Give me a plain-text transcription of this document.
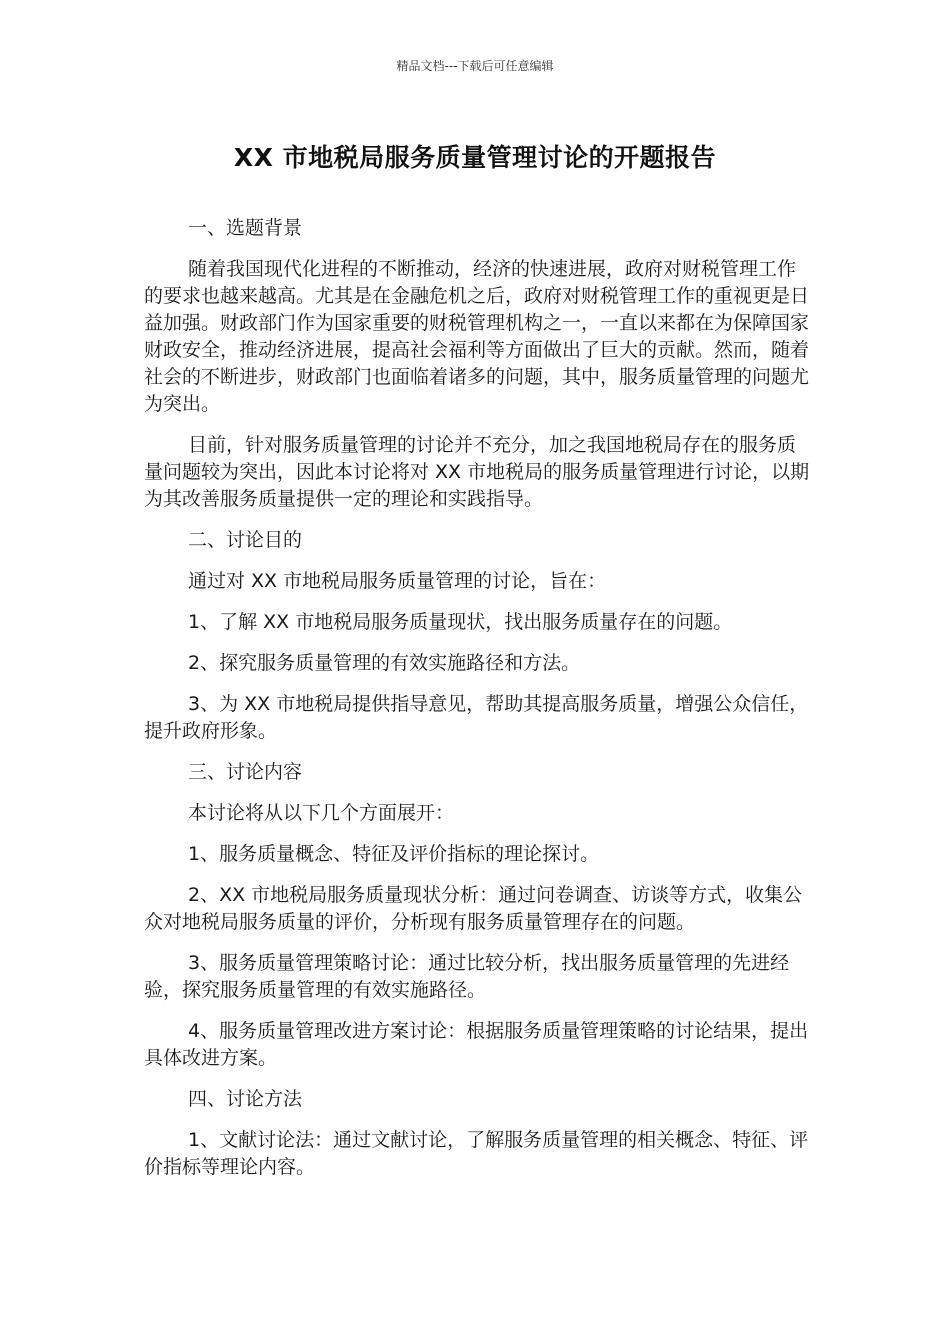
精品文档---下载后可任意编辑
XX 市地税局服务质量管理讨论的开题报告

一、选题背景

随着我国现代化进程的不断推动，经济的快速进展，政府对财税管理工作的要求也越来越高。尤其是在金融危机之后，政府对财税管理工作的重视更是日益加强。财政部门作为国家重要的财税管理机构之一，一直以来都在为保障国家财政安全，推动经济进展，提高社会福利等方面做出了巨大的贡献。然而，随着社会的不断进步，财政部门也面临着诸多的问题，其中，服务质量管理的问题尤为突出。

目前，针对服务质量管理的讨论并不充分，加之我国地税局存在的服务质量问题较为突出，因此本讨论将对 XX 市地税局的服务质量管理进行讨论，以期为其改善服务质量提供一定的理论和实践指导。

二、讨论目的

通过对 XX 市地税局服务质量管理的讨论，旨在：

1、了解 XX 市地税局服务质量现状，找出服务质量存在的问题。

2、探究服务质量管理的有效实施路径和方法。

3、为 XX 市地税局提供指导意见，帮助其提高服务质量，增强公众信任，提升政府形象。

三、讨论内容

本讨论将从以下几个方面展开：

1、服务质量概念、特征及评价指标的理论探讨。

2、XX 市地税局服务质量现状分析：通过问卷调查、访谈等方式，收集公众对地税局服务质量的评价，分析现有服务质量管理存在的问题。

3、服务质量管理策略讨论：通过比较分析，找出服务质量管理的先进经验，探究服务质量管理的有效实施路径。

4、服务质量管理改进方案讨论：根据服务质量管理策略的讨论结果，提出具体改进方案。

四、讨论方法

1、文献讨论法：通过文献讨论，了解服务质量管理的相关概念、特征、评价指标等理论内容。
